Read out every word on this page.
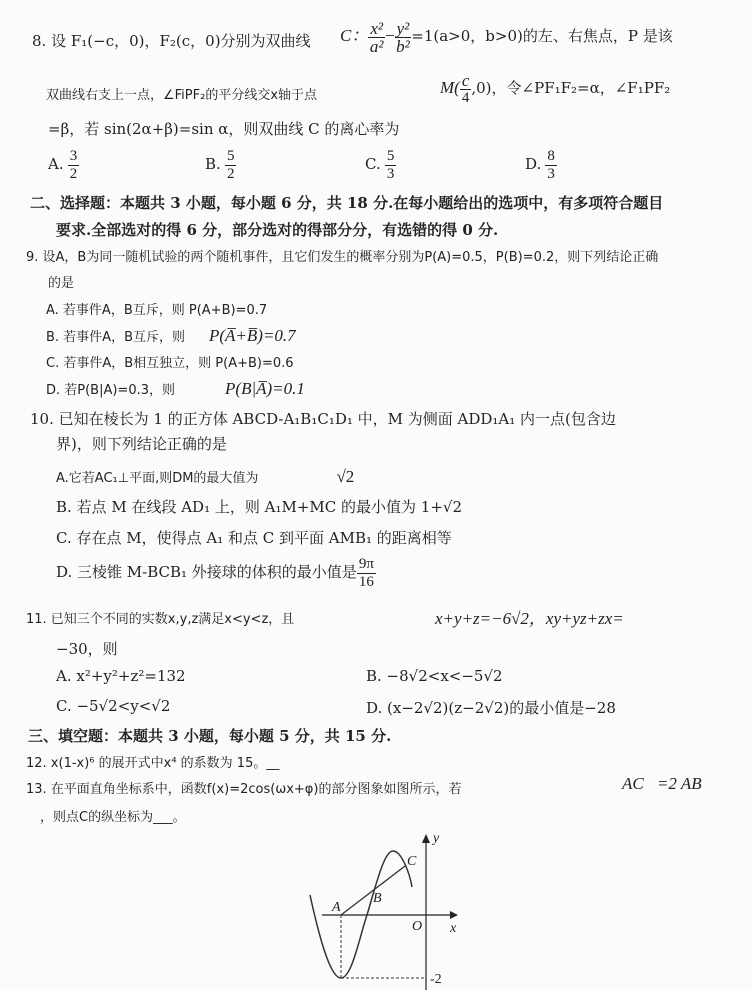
8. 设 F₁(−c，0)，F₂(c，0)分别为双曲线 C： $\frac{\text{x²}}{\text{a²}} - \frac{\text{y²}}{\text{b²}} =1(a>0$，b>0)的左、右焦点，P 是该
双曲线右支上一点，∠FiPF₂的平分线交x轴于点	$M( \frac{c}{4} ,0)$，令∠PF₁F₂=α，∠F₁PF₂
=β，若 sin(2α+β)=sin α，则双曲线 C 的离心率为
A. $\frac{3}{2}$	B. $\frac{5}{2}$	C. $\frac{5}{3}$	D. $\frac{8}{3}$
二、选择题：本题共 3 小题，每小题 6 分，共 18 分.在每小题给出的选项中，有多项符合题目
要求.全部选对的得 6 分，部分选对的得部分分，有选错的得 0 分.
9. 设A，B为同一随机试验的两个随机事件，且它们发生的概率分别为P(A)=0.5，P(B)=0.2，则下列结论正确
的是
A. 若事件A，B互斥，则 P(A+B)=0.7
B. 若事件A，B互斥，则 P(A̅+B̅)=0.7
C. 若事件A，B相互独立，则 P(A+B)=0.6
D. 若P(B|A)=0.3，则	P(B|A̅)=0.1
10. 已知在棱长为 1 的正方体 ABCD-A₁B₁C₁D₁ 中，M 为侧面 ADD₁A₁ 内一点(包含边
界)，则下列结论正确的是
A.它若AC₁⊥平面,则DM的最大值为	√2
B. 若点 M 在线段 AD₁ 上，则 A₁M+MC 的最小值为 1+√2
C. 存在点 M，使得点 A₁ 和点 C 到平面 AMB₁ 的距离相等
D. 三棱锥 M-BCB₁ 外接球的体积的最小值是 $\frac{9\pi}{16}$
11. 已知三个不同的实数x,y,z满足x<y<z，且	x+y+z=−6√2，xy+yz+zx=
−30，则
A. x²+y²+z²=132	B. −8√2<x<−5√2
C. −5√2<y<√2	D. (x−2√2)(z−2√2)的最小值是−28
三、填空题：本题共 3 小题，每小题 5 分，共 15 分.
12. x(1-x)⁶ 的展开式中x⁴ 的系数为 15。__
13. 在平面直角坐标系中，函数f(x)=2cos(ωx+φ)的部分图象如图所示，若	AC⃗=2 AB⃗，
，则点C的纵坐标为___。
A
B
C
O x
y
-2
